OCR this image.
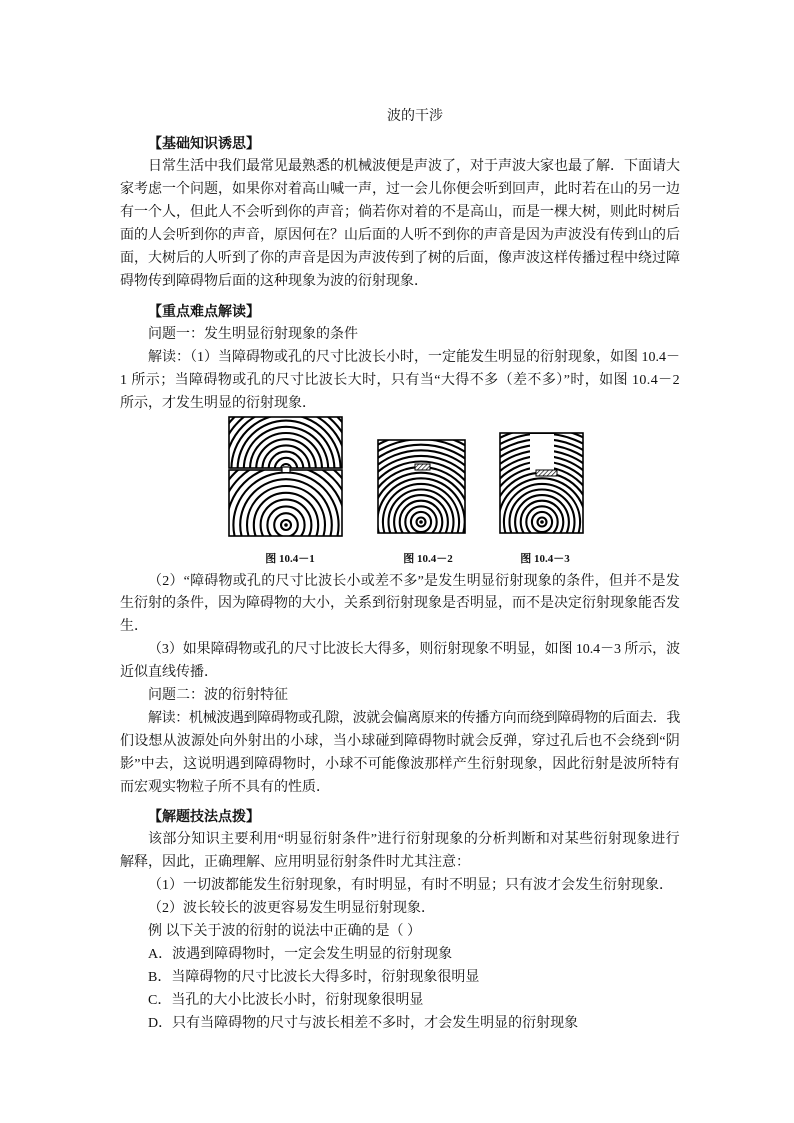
波的干涉
【基础知识诱思】
日常生活中我们最常见最熟悉的机械波便是声波了，对于声波大家也最了解．下面请大
家考虑一个问题，如果你对着高山喊一声，过一会儿你便会听到回声，此时若在山的另一边
有一个人，但此人不会听到你的声音；倘若你对着的不是高山，而是一棵大树，则此时树后
面的人会听到你的声音，原因何在？山后面的人听不到你的声音是因为声波没有传到山的后
面，大树后的人听到了你的声音是因为声波传到了树的后面，像声波这样传播过程中绕过障
碍物传到障碍物后面的这种现象为波的衍射现象．
【重点难点解读】
问题一：发生明显衍射现象的条件
解读：（1）当障碍物或孔的尺寸比波长小时，一定能发生明显的衍射现象，如图 10.4－
1 所示；当障碍物或孔的尺寸比波长大时，只有当“大得不多（差不多）”时，如图 10.4－2
所示，才发生明显的衍射现象．
图 10.4－1	图 10.4－2	图 10.4－3
（2）“障碍物或孔的尺寸比波长小或差不多”是发生明显衍射现象的条件，但并不是发
生衍射的条件，因为障碍物的大小，关系到衍射现象是否明显，而不是决定衍射现象能否发
生．
（3）如果障碍物或孔的尺寸比波长大得多，则衍射现象不明显，如图 10.4－3 所示，波
近似直线传播．
问题二：波的衍射特征
解读：机械波遇到障碍物或孔隙，波就会偏离原来的传播方向而绕到障碍物的后面去．我
们设想从波源处向外射出的小球，当小球碰到障碍物时就会反弹，穿过孔后也不会绕到“阴
影”中去，这说明遇到障碍物时，小球不可能像波那样产生衍射现象，因此衍射是波所特有
而宏观实物粒子所不具有的性质．
【解题技法点拨】
该部分知识主要利用“明显衍射条件”进行衍射现象的分析判断和对某些衍射现象进行
解释，因此，正确理解、应用明显衍射条件时尤其注意：
（1）一切波都能发生衍射现象，有时明显，有时不明显；只有波才会发生衍射现象．
（2）波长较长的波更容易发生明显衍射现象．
例 以下关于波的衍射的说法中正确的是（ ）
A．波遇到障碍物时，一定会发生明显的衍射现象
B．当障碍物的尺寸比波长大得多时，衍射现象很明显
C．当孔的大小比波长小时，衍射现象很明显
D．只有当障碍物的尺寸与波长相差不多时，才会发生明显的衍射现象
